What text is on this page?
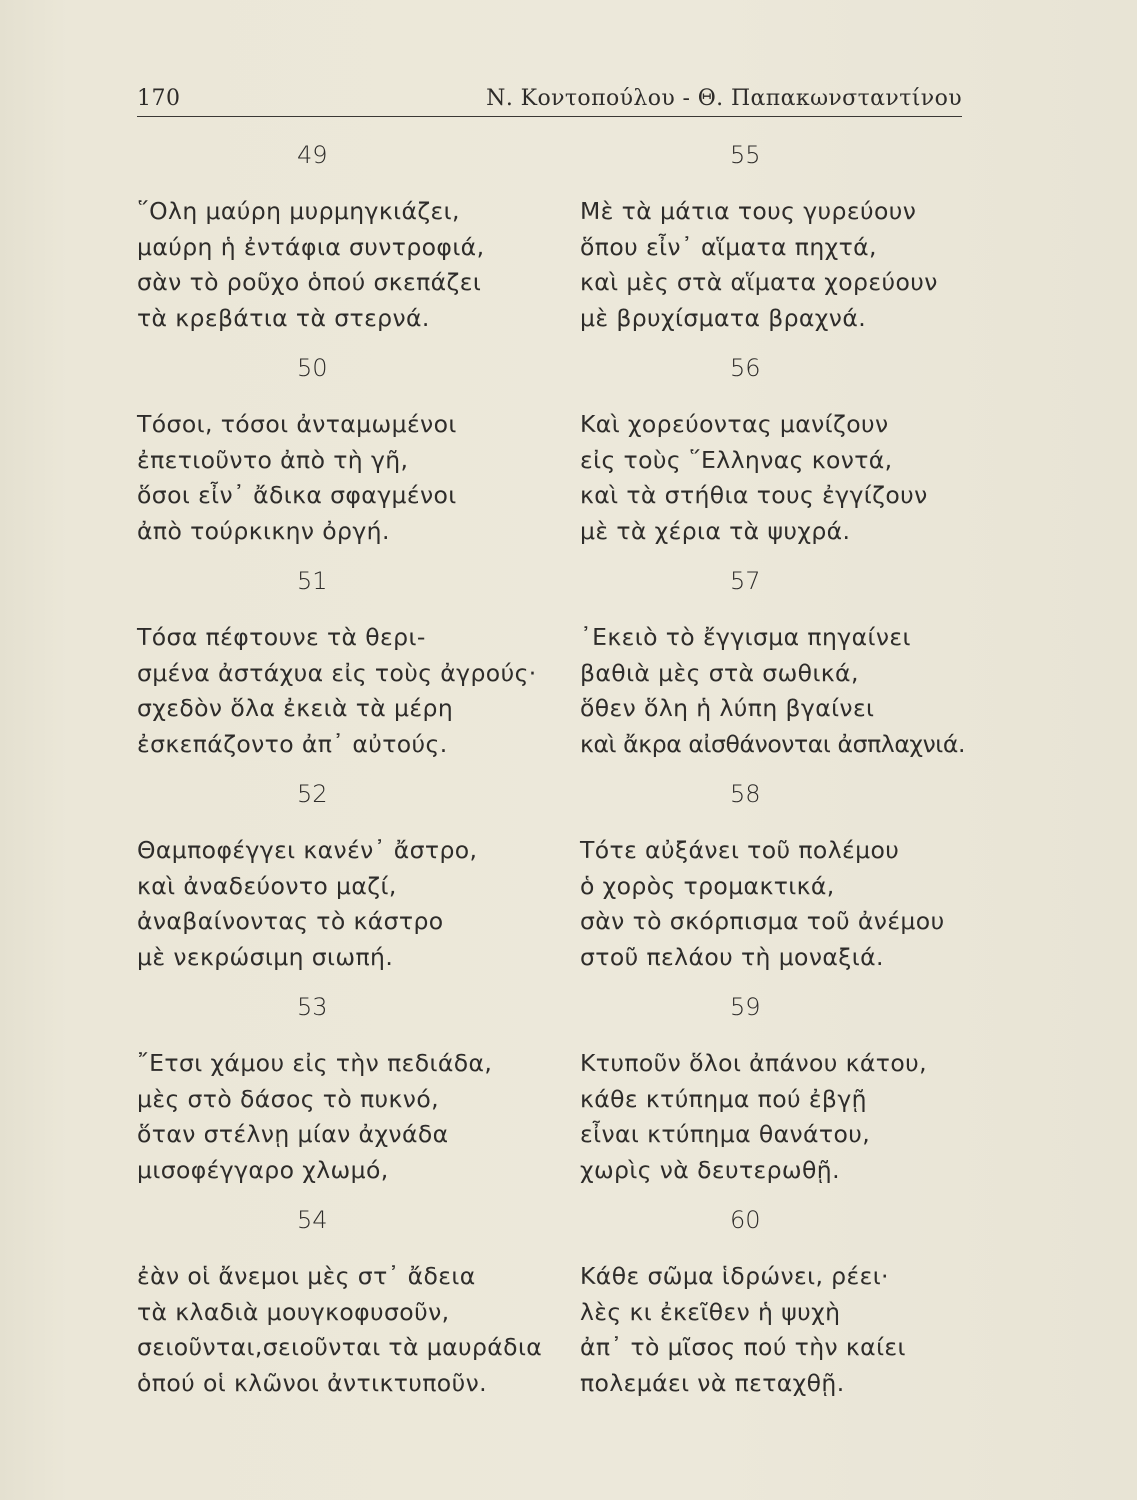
170	Ν. Κοντοπούλου - Θ. Παπακωνσταντίνου
49
῞Ολη μαύρη μυρμηγκιάζει,
μαύρη ἡ ἐντάφια συντροφιά,
σὰν τὸ ροῦχο ὁπού σκεπάζει
τὰ κρεβάτια τὰ στερνά.
50
Τόσοι, τόσοι ἀνταμωμένοι
ἐπετιοῦντο ἀπὸ τὴ γῆ,
ὅσοι εἶν᾽ ἄδικα σφαγμένοι
ἀπὸ τούρκικην ὀργή.
51
Τόσα πέφτουνε τὰ θερι-
σμένα ἀστάχυα εἰς τοὺς ἀγρούς·
σχεδὸν ὅλα ἐκειὰ τὰ μέρη
ἐσκεπάζοντο ἀπ᾽ αὐτούς.
52
Θαμποφέγγει κανέν᾽ ἄστρο,
καὶ ἀναδεύοντο μαζί,
ἀναβαίνοντας τὸ κάστρο
μὲ νεκρώσιμη σιωπή.
53
῎Ετσι χάμου εἰς τὴν πεδιάδα,
μὲς στὸ δάσος τὸ πυκνό,
ὅταν στέλνῃ μίαν ἀχνάδα
μισοφέγγαρο χλωμό,
54
ἐὰν οἱ ἄνεμοι μὲς στ᾽ ἄδεια
τὰ κλαδιὰ μουγκοφυσοῦν,
σειοῦνται,σειοῦνται τὰ μαυράδια
ὁπού οἱ κλῶνοι ἀντικτυποῦν.
55
Μὲ τὰ μάτια τους γυρεύουν
ὅπου εἶν᾽ αἵματα πηχτά,
καὶ μὲς στὰ αἵματα χορεύουν
μὲ βρυχίσματα βραχνά.
56
Καὶ χορεύοντας μανίζουν
εἰς τοὺς ῞Ελληνας κοντά,
καὶ τὰ στήθια τους ἐγγίζουν
μὲ τὰ χέρια τὰ ψυχρά.
57
᾽Εκειὸ τὸ ἔγγισμα πηγαίνει
βαθιὰ μὲς στὰ σωθικά,
ὅθεν ὅλη ἡ λύπη βγαίνει
καὶ ἄκρα αἰσθάνονται ἀσπλαχνιά.
58
Τότε αὐξάνει τοῦ πολέμου
ὁ χορὸς τρομακτικά,
σὰν τὸ σκόρπισμα τοῦ ἀνέμου
στοῦ πελάου τὴ μοναξιά.
59
Κτυποῦν ὅλοι ἀπάνου κάτου,
κάθε κτύπημα πού ἐβγῇ
εἶναι κτύπημα θανάτου,
χωρὶς νὰ δευτερωθῇ.
60
Κάθε σῶμα ἱδρώνει, ρέει·
λὲς κι ἐκεῖθεν ἡ ψυχὴ
ἀπ᾽ τὸ μῖσος πού τὴν καίει
πολεμάει νὰ πεταχθῇ.
